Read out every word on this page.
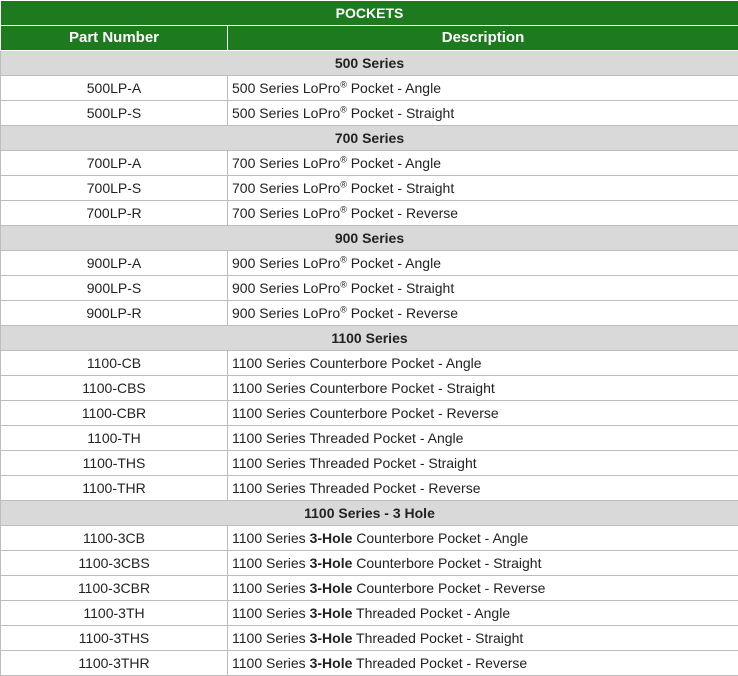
POCKETS	
Part Number	Description
500 Series	
500LP-A	500 Series LoPro® Pocket - Angle
500LP-S	500 Series LoPro® Pocket - Straight
700 Series	
700LP-A	700 Series LoPro® Pocket - Angle
700LP-S	700 Series LoPro® Pocket - Straight
700LP-R	700 Series LoPro® Pocket - Reverse
900 Series	
900LP-A	900 Series LoPro® Pocket - Angle
900LP-S	900 Series LoPro® Pocket - Straight
900LP-R	900 Series LoPro® Pocket - Reverse
1100 Series	
1100-CB	1100 Series Counterbore Pocket - Angle
1100-CBS	1100 Series Counterbore Pocket - Straight
1100-CBR	1100 Series Counterbore Pocket - Reverse
1100-TH	1100 Series Threaded Pocket - Angle
1100-THS	1100 Series Threaded Pocket - Straight
1100-THR	1100 Series Threaded Pocket - Reverse
1100 Series - 3 Hole	
1100-3CB	1100 Series 3-Hole Counterbore Pocket - Angle
1100-3CBS	1100 Series 3-Hole Counterbore Pocket - Straight
1100-3CBR	1100 Series 3-Hole Counterbore Pocket - Reverse
1100-3TH	1100 Series 3-Hole Threaded Pocket - Angle
1100-3THS	1100 Series 3-Hole Threaded Pocket - Straight
1100-3THR	1100 Series 3-Hole Threaded Pocket - Reverse
